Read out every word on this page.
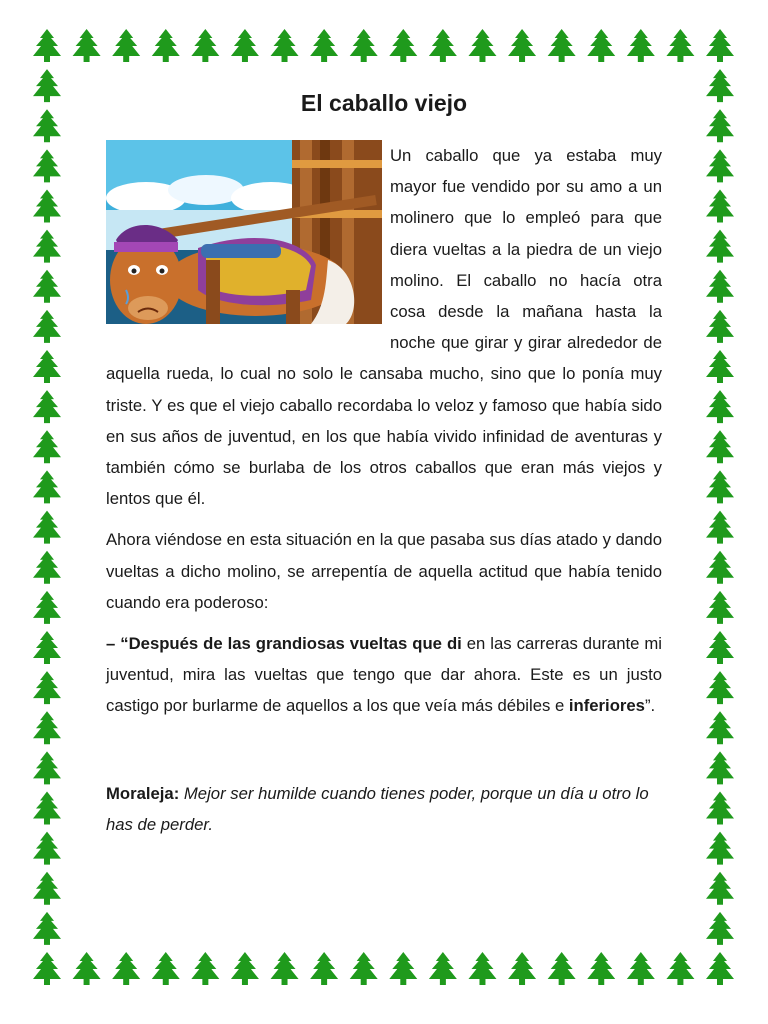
El caballo viejo

Un caballo que ya estaba muy mayor fue vendido por su amo a un molinero que lo empleó para que diera vueltas a la piedra de un viejo molino. El caballo no hacía otra cosa desde la mañana hasta la noche que girar y girar alrededor de aquella rueda, lo cual no solo le cansaba mucho, sino que lo ponía muy triste. Y es que el viejo caballo recordaba lo veloz y famoso que había sido en sus años de juventud, en los que había vivido infinidad de aventuras y también cómo se burlaba de los otros caballos que eran más viejos y lentos que él.

Ahora viéndose en esta situación en la que pasaba sus días atado y dando vueltas a dicho molino, se arrepentía de aquella actitud que había tenido cuando era poderoso:

– “Después de las grandiosas vueltas que di en las carreras durante mi juventud, mira las vueltas que tengo que dar ahora. Este es un justo castigo por burlarme de aquellos a los que veía más débiles e inferiores”.

Moraleja: Mejor ser humilde cuando tienes poder, porque un día u otro lo has de perder.
